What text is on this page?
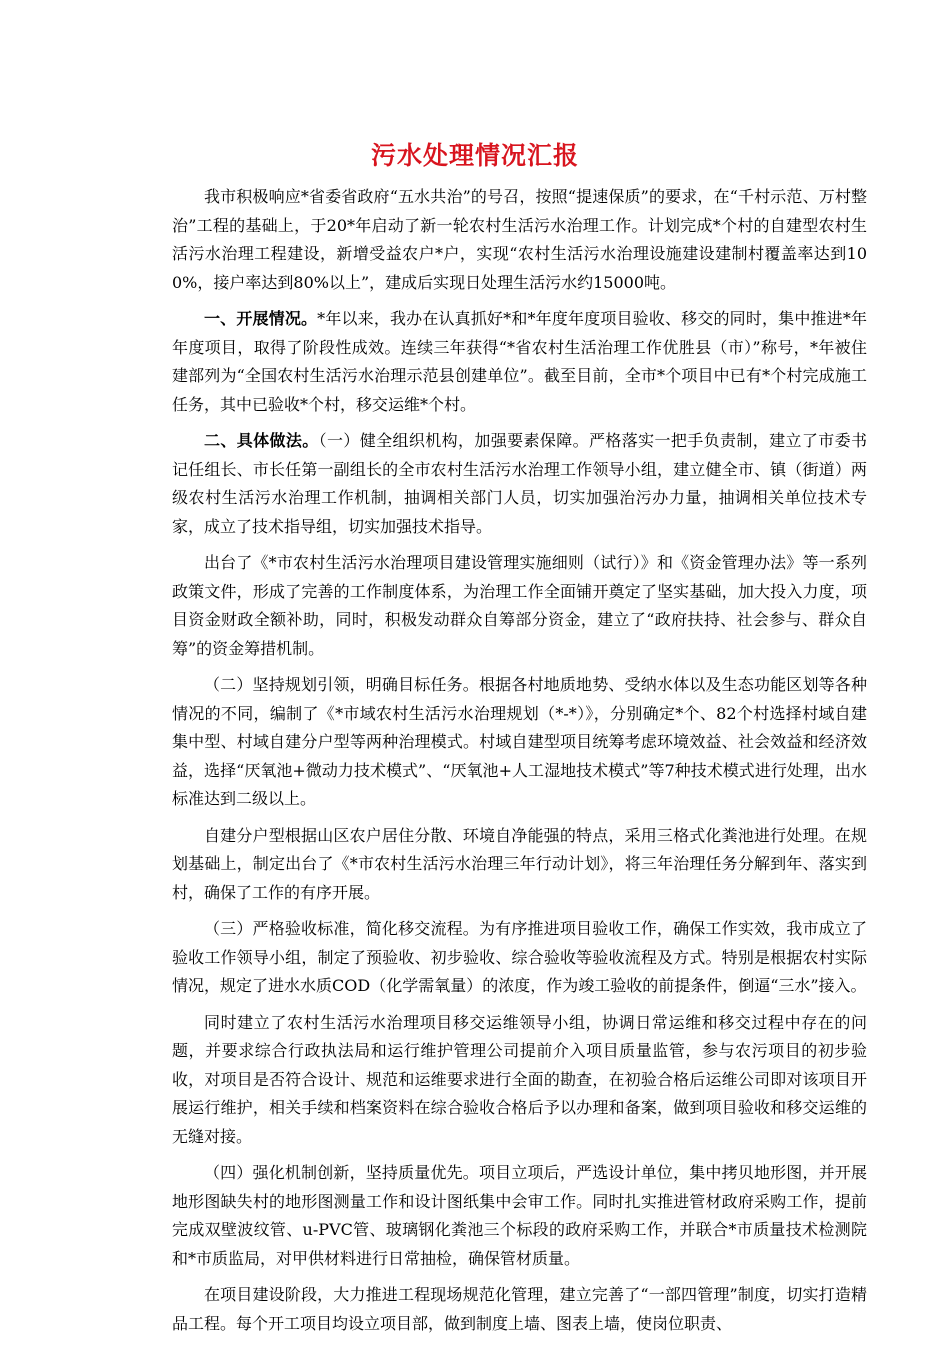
污水处理情况汇报

我市积极响应*省委省政府“五水共治”的号召，按照“提速保质”的要求，在“千村示范、万村整治”工程的基础上，于20*年启动了新一轮农村生活污水治理工作。计划完成*个村的自建型农村生活污水治理工程建设，新增受益农户*户，实现“农村生活污水治理设施建设建制村覆盖率达到100%，接户率达到80%以上”，建成后实现日处理生活污水约15000吨。

一、开展情况。*年以来，我办在认真抓好*和*年度年度项目验收、移交的同时，集中推进*年年度项目，取得了阶段性成效。连续三年获得“*省农村生活治理工作优胜县（市）”称号，*年被住建部列为“全国农村生活污水治理示范县创建单位”。截至目前，全市*个项目中已有*个村完成施工任务，其中已验收*个村，移交运维*个村。

二、具体做法。（一）健全组织机构，加强要素保障。严格落实一把手负责制，建立了市委书记任组长、市长任第一副组长的全市农村生活污水治理工作领导小组，建立健全市、镇（街道）两级农村生活污水治理工作机制，抽调相关部门人员，切实加强治污办力量，抽调相关单位技术专家，成立了技术指导组，切实加强技术指导。

出台了《*市农村生活污水治理项目建设管理实施细则（试行）》和《资金管理办法》等一系列政策文件，形成了完善的工作制度体系，为治理工作全面铺开奠定了坚实基础，加大投入力度，项目资金财政全额补助，同时，积极发动群众自筹部分资金，建立了“政府扶持、社会参与、群众自筹”的资金筹措机制。

（二）坚持规划引领，明确目标任务。根据各村地质地势、受纳水体以及生态功能区划等各种情况的不同，编制了《*市域农村生活污水治理规划（*-*）》，分别确定*个、82个村选择村域自建集中型、村域自建分户型等两种治理模式。村域自建型项目统筹考虑环境效益、社会效益和经济效益，选择“厌氧池+微动力技术模式”、“厌氧池+人工湿地技术模式”等7种技术模式进行处理，出水标准达到二级以上。

自建分户型根据山区农户居住分散、环境自净能强的特点，采用三格式化粪池进行处理。在规划基础上，制定出台了《*市农村生活污水治理三年行动计划》，将三年治理任务分解到年、落实到村，确保了工作的有序开展。

（三）严格验收标准，简化移交流程。为有序推进项目验收工作，确保工作实效，我市成立了验收工作领导小组，制定了预验收、初步验收、综合验收等验收流程及方式。特别是根据农村实际情况，规定了进水水质COD（化学需氧量）的浓度，作为竣工验收的前提条件，倒逼“三水”接入。

同时建立了农村生活污水治理项目移交运维领导小组，协调日常运维和移交过程中存在的问题，并要求综合行政执法局和运行维护管理公司提前介入项目质量监管，参与农污项目的初步验收，对项目是否符合设计、规范和运维要求进行全面的勘查，在初验合格后运维公司即对该项目开展运行维护，相关手续和档案资料在综合验收合格后予以办理和备案，做到项目验收和移交运维的无缝对接。

（四）强化机制创新，坚持质量优先。项目立项后，严选设计单位，集中拷贝地形图，并开展地形图缺失村的地形图测量工作和设计图纸集中会审工作。同时扎实推进管材政府采购工作，提前完成双壁波纹管、u-PVC管、玻璃钢化粪池三个标段的政府采购工作，并联合*市质量技术检测院和*市质监局，对甲供材料进行日常抽检，确保管材质量。

在项目建设阶段，大力推进工程现场规范化管理，建立完善了“一部四管理”制度，切实打造精品工程。每个开工项目均设立项目部，做到制度上墙、图表上墙，使岗位职责、
